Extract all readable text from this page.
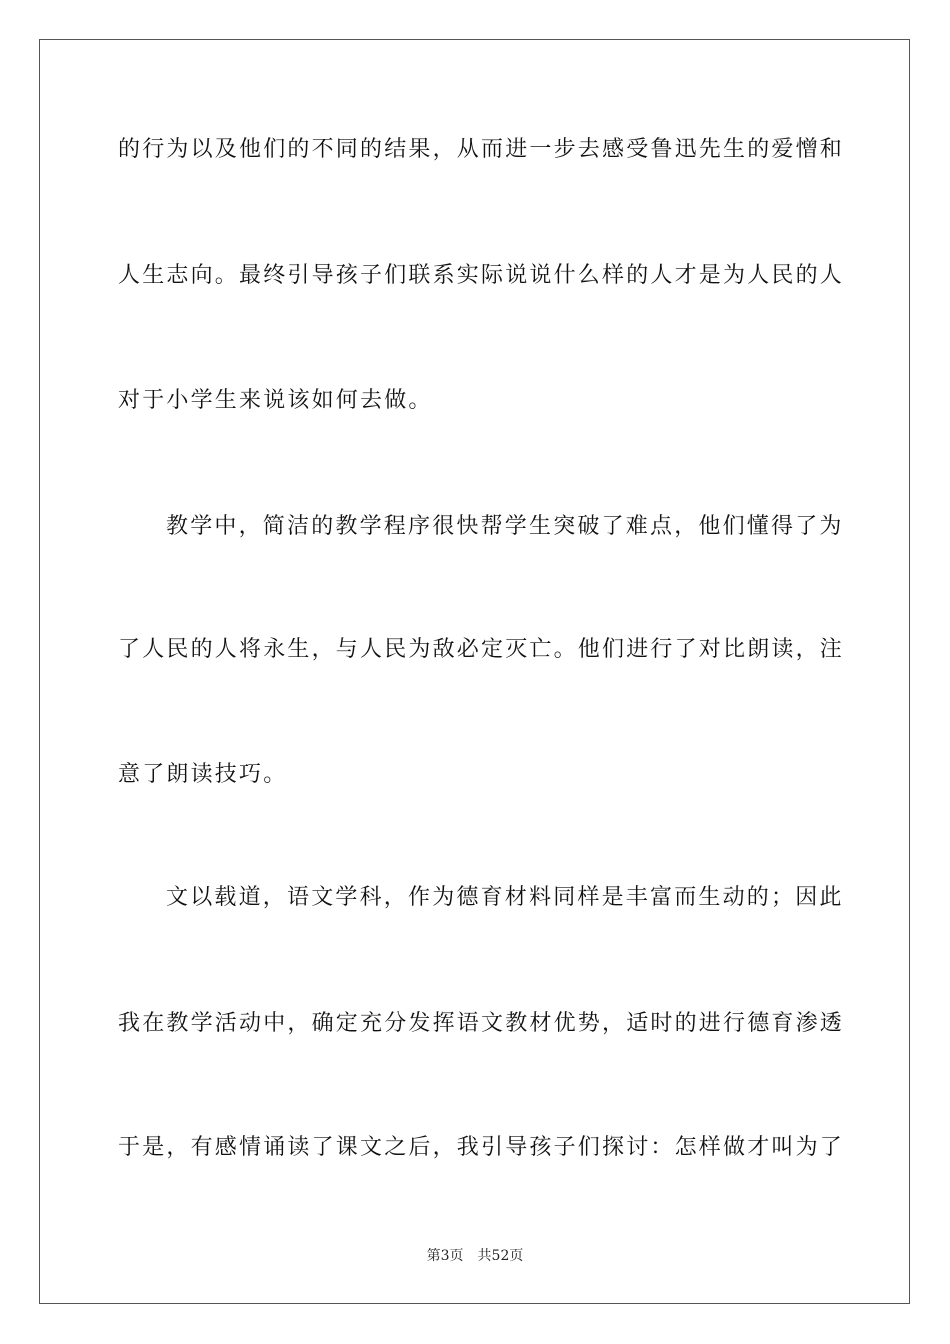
的行为以及他们的不同的结果，从而进一步去感受鲁迅先生的爱憎和
人生志向。最终引导孩子们联系实际说说什么样的人才是为人民的人
对于小学生来说该如何去做。
教学中，简洁的教学程序很快帮学生突破了难点，他们懂得了为
了人民的人将永生，与人民为敌必定灭亡。他们进行了对比朗读，注
意了朗读技巧。
文以载道，语文学科，作为德育材料同样是丰富而生动的；因此
我在教学活动中，确定充分发挥语文教材优势，适时的进行德育渗透
于是，有感情诵读了课文之后，我引导孩子们探讨：怎样做才叫为了
第3页 共52页
